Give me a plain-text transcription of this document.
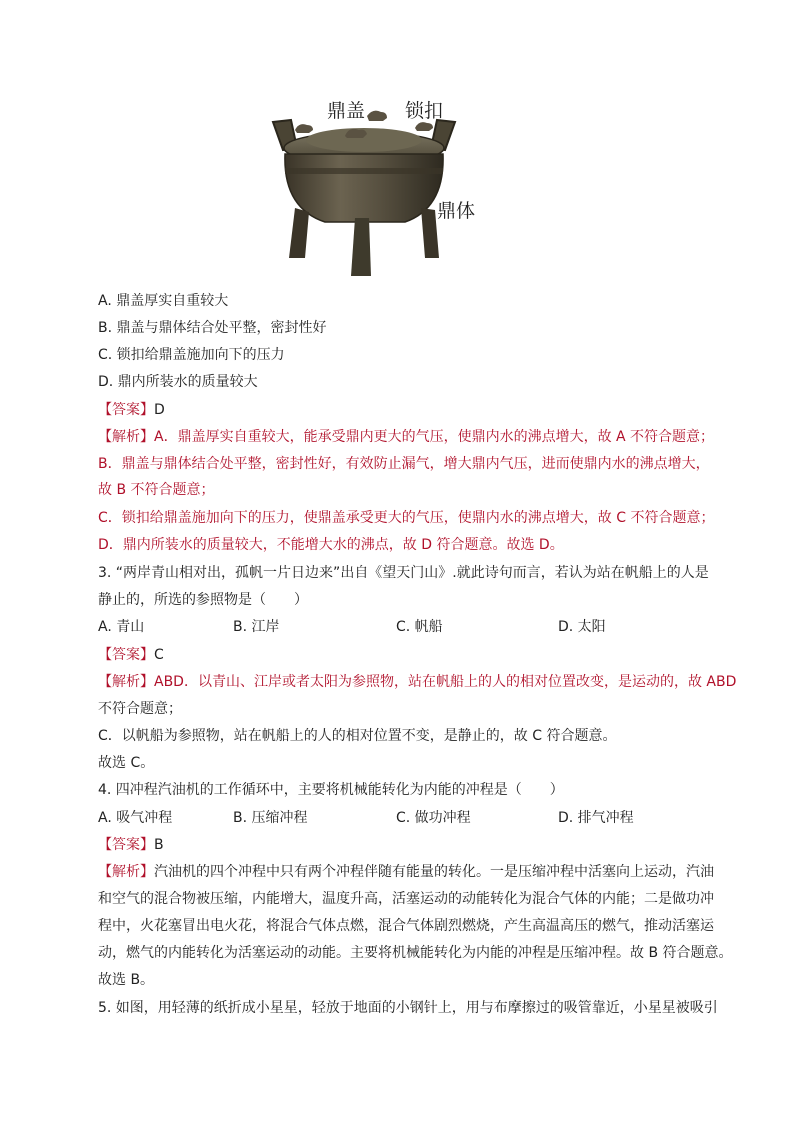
鼎盖 锁扣
鼎体
A. 鼎盖厚实自重较大
B. 鼎盖与鼎体结合处平整，密封性好
C. 锁扣给鼎盖施加向下的压力
D. 鼎内所装水的质量较大
【答案】D
【解析】A．鼎盖厚实自重较大，能承受鼎内更大的气压，使鼎内水的沸点增大，故 A 不符合题意；
B．鼎盖与鼎体结合处平整，密封性好，有效防止漏气，增大鼎内气压，进而使鼎内水的沸点增大，
故 B 不符合题意；
C．锁扣给鼎盖施加向下的压力，使鼎盖承受更大的气压，使鼎内水的沸点增大，故 C 不符合题意；
D．鼎内所装水的质量较大，不能增大水的沸点，故 D 符合题意。故选 D。
3. “两岸青山相对出，孤帆一片日边来”出自《望天门山》.就此诗句而言，若认为站在帆船上的人是
静止的，所选的参照物是（　　）
A. 青山	B. 江岸	C. 帆船	D. 太阳
【答案】C
【解析】ABD．以青山、江岸或者太阳为参照物，站在帆船上的人的相对位置改变，是运动的，故 ABD
不符合题意；
C．以帆船为参照物，站在帆船上的人的相对位置不变，是静止的，故 C 符合题意。
故选 C。
4. 四冲程汽油机的工作循环中，主要将机械能转化为内能的冲程是（　　）
A. 吸气冲程	B. 压缩冲程	C. 做功冲程	D. 排气冲程
【答案】B
【解析】汽油机的四个冲程中只有两个冲程伴随有能量的转化。一是压缩冲程中活塞向上运动，汽油
和空气的混合物被压缩，内能增大，温度升高，活塞运动的动能转化为混合气体的内能；二是做功冲
程中，火花塞冒出电火花，将混合气体点燃，混合气体剧烈燃烧，产生高温高压的燃气，推动活塞运
动，燃气的内能转化为活塞运动的动能。主要将机械能转化为内能的冲程是压缩冲程。故 B 符合题意。
故选 B。
5. 如图，用轻薄的纸折成小星星，轻放于地面的小钢针上，用与布摩擦过的吸管靠近，小星星被吸引
